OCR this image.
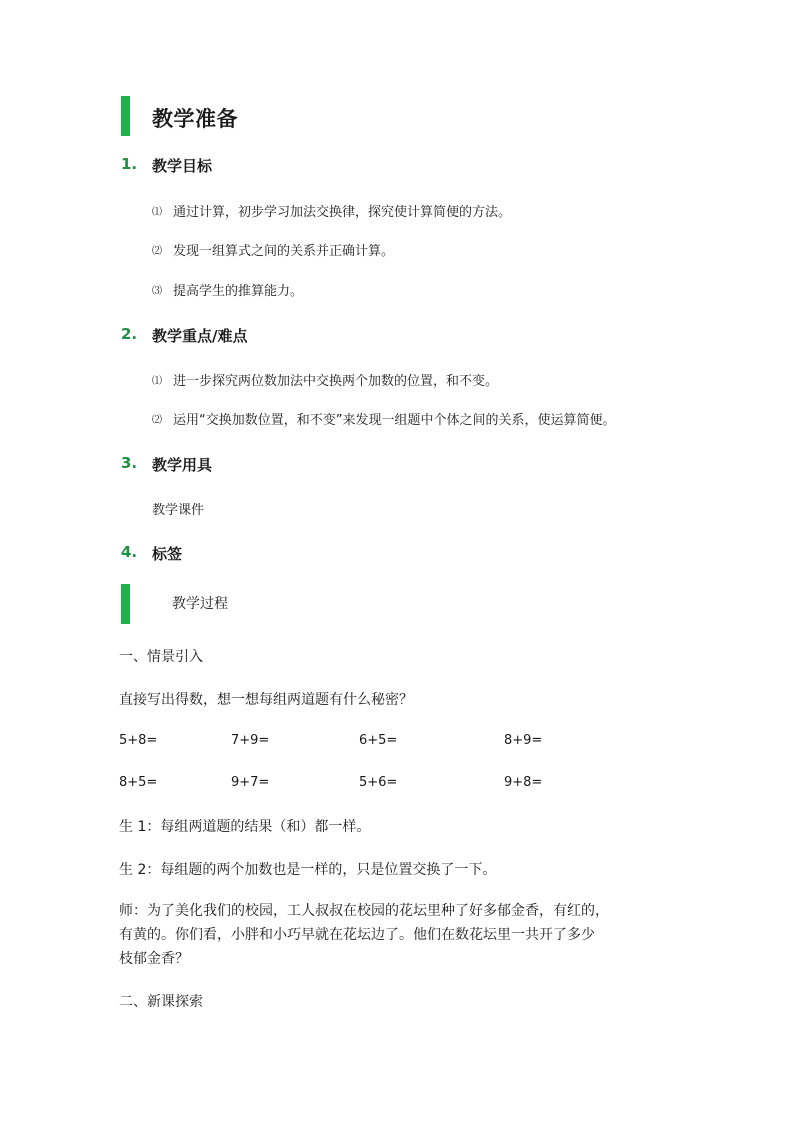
教学准备
1. 教学目标
⑴ 通过计算，初步学习加法交换律，探究使计算简便的方法。
⑵ 发现一组算式之间的关系并正确计算。
⑶ 提高学生的推算能力。
2. 教学重点/难点
⑴ 进一步探究两位数加法中交换两个加数的位置，和不变。
⑵ 运用“交换加数位置，和不变”来发现一组题中个体之间的关系，使运算简便。
3. 教学用具
教学课件
4. 标签
教学过程
一、情景引入
直接写出得数，想一想每组两道题有什么秘密？
5+8=	7+9=	6+5=	8+9=
8+5=	9+7=	5+6=	9+8=
生 1：每组两道题的结果（和）都一样。
生 2：每组题的两个加数也是一样的，只是位置交换了一下。
师：为了美化我们的校园，工人叔叔在校园的花坛里种了好多郁金香，有红的，
有黄的。你们看，小胖和小巧早就在花坛边了。他们在数花坛里一共开了多少
枝郁金香？
二、新课探索
